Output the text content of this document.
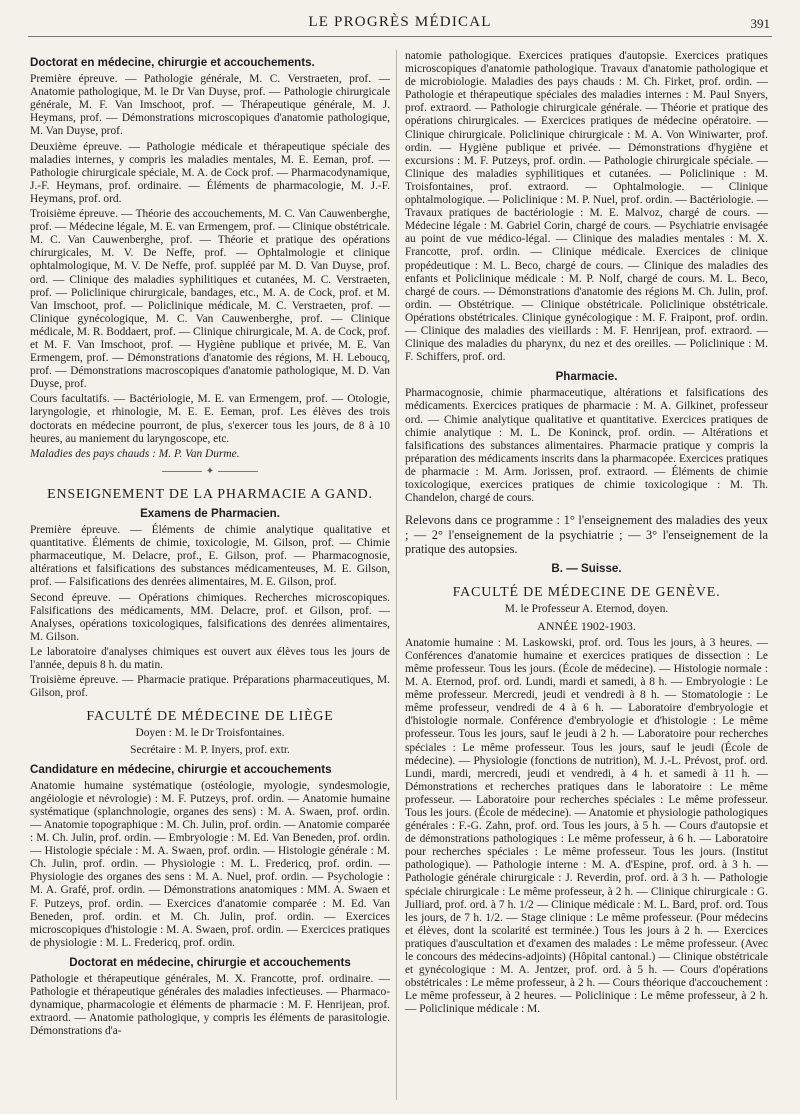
LE PROGRÈS MÉDICAL	391
Doctorat en médecine, chirurgie et accouchements.

Première épreuve. — Pathologie générale, M. C. Verstraeten, prof. — Anatomie pathologique, M. le Dr Van Duyse, prof. — Pathologie chirurgicale générale, M. F. Van Imschoot, prof. — Thérapeutique générale, M. J. Heymans, prof. — Démonstrations microscopiques d'anatomie pathologique, M. Van Duyse, prof.

Deuxième épreuve. — Pathologie médicale et thérapeutique spéciale des maladies internes, y compris les maladies mentales, M. E. Eeman, prof. — Pathologie chirurgicale spéciale, M. A. de Cock prof. — Pharmacodynamique, J.-F. Heymans, prof. ordinaire. — Éléments de pharmacologie, M. J.-F. Heymans, prof. ord.

Troisième épreuve. — Théorie des accouchements, M. C. Van Cauwenberghe, prof. — Médecine légale, M. E. van Ermengem, prof. — Clinique obstétricale. M. C. Van Cauwenberghe, prof. — Théorie et pratique des opérations chirurgicales, M. V. De Neffe, prof. — Ophtalmologie et clinique ophtalmologique, M. V. De Neffe, prof. suppléé par M. D. Van Duyse, prof. ord. — Clinique des maladies syphilitiques et cutanées, M. C. Verstraeten, prof. — Policlinique chirurgicale, bandages, etc., M. A. de Cock, prof. et M. Van Imschoot, prof. — Policlinique médicale, M. C. Verstraeten, prof. — Clinique gynécologique, M. C. Van Cauwenberghe, prof. — Clinique médicale, M. R. Boddaert, prof. — Clinique chirurgicale, M. A. de Cock, prof. et M. F. Van Imschoot, prof. — Hygiène publique et privée, M. E. Van Ermengem, prof. — Démonstrations d'anatomie des régions, M. H. Leboucq, prof. — Démonstrations macroscopiques d'anatomie pathologique, M. D. Van Duyse, prof.

Cours facultatifs. — Bactériologie, M. E. van Ermengem, prof. — Otologie, laryngologie, et rhinologie, M. E. E. Eeman, prof. Les élèves des trois doctorats en médecine pourront, de plus, s'exercer tous les jours, de 8 à 10 heures, au maniement du laryngoscope, etc.

Maladies des pays chauds : M. P. Van Durme.

✦
ENSEIGNEMENT DE LA PHARMACIE A GAND.
Examens de Pharmacien.

Première épreuve. — Éléments de chimie analytique qualitative et quantitative. Éléments de chimie, toxicologie, M. Gilson, prof. — Chimie pharmaceutique, M. Delacre, prof., E. Gilson, prof. — Pharmacognosie, altérations et falsifications des substances médicamenteuses, M. E. Gilson, prof. — Falsifications des denrées alimentaires, M. E. Gilson, prof.

Second épreuve. — Opérations chimiques. Recherches microscopiques. Falsifications des médicaments, MM. Delacre, prof. et Gilson, prof. — Analyses, opérations toxicologiques, falsifications des denrées alimentaires, M. Gilson.

Le laboratoire d'analyses chimiques est ouvert aux élèves tous les jours de l'année, depuis 8 h. du matin.

Troisième épreuve. — Pharmacie pratique. Préparations pharmaceutiques, M. Gilson, prof.

FACULTÉ DE MÉDECINE DE LIÈGE
Doyen : M. le Dr Troisfontaines.
Secrétaire : M. P. Inyers, prof. extr.
Candidature en médecine, chirurgie et accouchements

Anatomie humaine systématique (ostéologie, myologie, syndesmologie, angéiologie et névrologie) : M. F. Putzeys, prof. ordin. — Anatomie humaine systématique (splanchnologie, organes des sens) : M. A. Swaen, prof. ordin. — Anatomie topographique : M. Ch. Julin, prof. ordin. — Anatomie comparée : M. Ch. Julin, prof. ordin. — Embryologie : M. Ed. Van Beneden, prof. ordin. — Histologie spéciale : M. A. Swaen, prof. ordin. — Histologie générale : M. Ch. Julin, prof. ordin. — Physiologie : M. L. Fredericq, prof. ordin. — Physiologie des organes des sens : M. A. Nuel, prof. ordin. — Psychologie : M. A. Grafé, prof. ordin. — Démonstrations anatomiques : MM. A. Swaen et F. Putzeys, prof. ordin. — Exercices d'anatomie comparée : M. Ed. Van Beneden, prof. ordin. et M. Ch. Julin, prof. ordin. — Exercices microscopiques d'histologie : M. A. Swaen, prof. ordin. — Exercices pratiques de physiologie : M. L. Fredericq, prof. ordin.

Doctorat en médecine, chirurgie et accouchements

Pathologie et thérapeutique générales, M. X. Francotte, prof. ordinaire. — Pathologie et thérapeutique générales des maladies infectieuses. — Pharmaco-dynamique, pharmacologie et éléments de pharmacie : M. F. Henrijean, prof. extraord. — Anatomie pathologique, y compris les éléments de parasitologie. Démonstrations d'a-

natomie pathologique. Exercices pratiques d'autopsie. Exercices pratiques microscopiques d'anatomie pathologique. Travaux d'anatomie pathologique et de microbiologie. Maladies des pays chauds : M. Ch. Firket, prof. ordin. — Pathologie et thérapeutique spéciales des maladies internes : M. Paul Snyers, prof. extraord. — Pathologie chirurgicale générale. — Théorie et pratique des opérations chirurgicales. — Exercices pratiques de médecine opératoire. — Clinique chirurgicale. Policlinique chirurgicale : M. A. Von Winiwarter, prof. ordin. — Hygiène publique et privée. — Démonstrations d'hygiène et excursions : M. F. Putzeys, prof. ordin. — Pathologie chirurgicale spéciale. — Clinique des maladies syphilitiques et cutanées. — Policlinique : M. Troisfontaines, prof. extraord. — Ophtalmologie. — Clinique ophtalmologique. — Policlinique : M. P. Nuel, prof. ordin. — Bactériologie. — Travaux pratiques de bactériologie : M. E. Malvoz, chargé de cours. — Médecine légale : M. Gabriel Corin, chargé de cours. — Psychiatrie envisagée au point de vue médico-légal. — Clinique des maladies mentales : M. X. Francotte, prof. ordin. — Clinique médicale. Exercices de clinique propédeutique : M. L. Beco, chargé de cours. — Clinique des maladies des enfants et Policlinique médicale : M. P. Nolf, chargé de cours. M. L. Beco, chargé de cours. — Démonstrations d'anatomie des régions M. Ch. Julin, prof. ordin. — Obstétrique. — Clinique obstétricale. Policlinique obstétricale. Opérations obstétricales. Clinique gynécologique : M. F. Fraipont, prof. ordin. — Clinique des maladies des vieillards : M. F. Henrijean, prof. extraord. — Clinique des maladies du pharynx, du nez et des oreilles. — Policlinique : M. F. Schiffers, prof. ord.

Pharmacie.

Pharmacognosie, chimie pharmaceutique, altérations et falsifications des médicaments. Exercices pratiques de pharmacie : M. A. Gilkinet, professeur ord. — Chimie analytique qualitative et quantitative. Exercices pratiques de chimie analytique : M. L. De Koninck, prof. ordin. — Altérations et falsifications des substances alimentaires. Pharmacie pratique y compris la préparation des médicaments inscrits dans la pharmacopée. Exercices pratiques de pharmacie : M. Arm. Jorissen, prof. extraord. — Éléments de chimie toxicologique, exercices pratiques de chimie toxicologique : M. Th. Chandelon, chargé de cours.

Relevons dans ce programme : 1° l'enseignement des maladies des yeux ; — 2° l'enseignement de la psychiatrie ; — 3° l'enseignement de la pratique des autopsies.

B. — Suisse.
FACULTÉ DE MÉDECINE DE GENÈVE.
M. le Professeur A. Eternod, doyen.
ANNÉE 1902-1903.

Anatomie humaine : M. Laskowski, prof. ord. Tous les jours, à 3 heures. — Conférences d'anatomie humaine et exercices pratiques de dissection : Le même professeur. Tous les jours. (École de médecine). — Histologie normale : M. A. Eternod, prof. ord. Lundi, mardi et samedi, à 8 h. — Embryologie : Le même professeur. Mercredi, jeudi et vendredi à 8 h. — Stomatologie : Le même professeur, vendredi de 4 à 6 h. — Laboratoire d'embryologie et d'histologie normale. Conférence d'embryologie et d'histologie : Le même professeur. Tous les jours, sauf le jeudi à 2 h. — Laboratoire pour recherches spéciales : Le même professeur. Tous les jours, sauf le jeudi (École de médecine). — Physiologie (fonctions de nutrition), M. J.-L. Prévost, prof. ord. Lundi, mardi, mercredi, jeudi et vendredi, à 4 h. et samedi à 11 h. — Démonstrations et recherches pratiques dans le laboratoire : Le même professeur. — Laboratoire pour recherches spéciales : Le même professeur. Tous les jours. (École de médecine). — Anatomie et physiologie pathologiques générales : F.-G. Zahn, prof. ord. Tous les jours, à 5 h. — Cours d'autopsie et de démonstrations pathologiques : Le même professeur, à 6 h. — Laboratoire pour recherches spéciales : Le même professeur. Tous les jours. (Institut pathologique). — Pathologie interne : M. A. d'Espine, prof. ord. à 3 h. — Pathologie générale chirurgicale : J. Reverdin, prof. ord. à 3 h. — Pathologie spéciale chirurgicale : Le même professeur, à 2 h. — Clinique chirurgicale : G. Julliard, prof. ord. à 7 h. 1/2 — Clinique médicale : M. L. Bard, prof. ord. Tous les jours, de 7 h. 1/2. — Stage clinique : Le même professeur. (Pour médecins et élèves, dont la scolarité est terminée.) Tous les jours à 2 h. — Exercices pratiques d'auscultation et d'examen des malades : Le même professeur. (Avec le concours des médecins-adjoints) (Hôpital cantonal.) — Clinique obstétricale et gynécologique : M. A. Jentzer, prof. ord. à 5 h. — Cours d'opérations obstétricales : Le même professeur, à 2 h. — Cours théorique d'accouchement : Le même professeur, à 2 heures. — Policlinique : Le même professeur, à 2 h. — Policlinique médicale : M.
